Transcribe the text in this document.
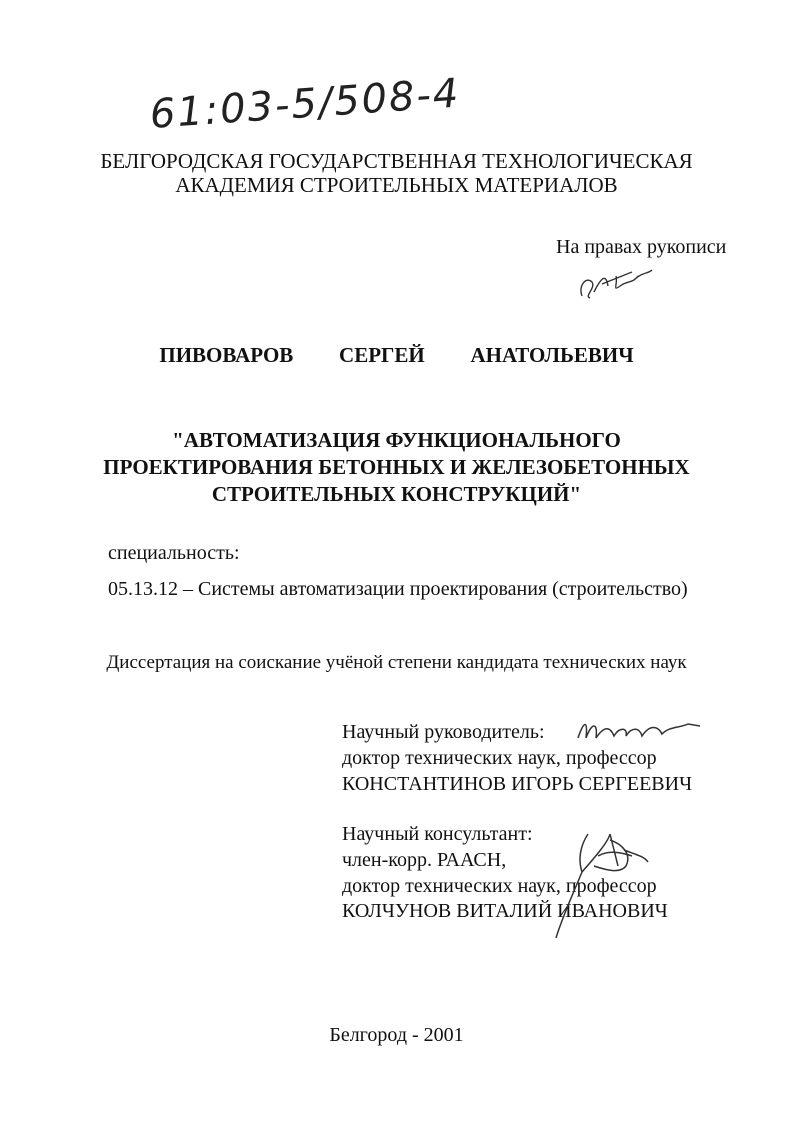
61:03-5/508-4
БЕЛГОРОДСКАЯ ГОСУДАРСТВЕННАЯ ТЕХНОЛОГИЧЕСКАЯ
АКАДЕМИЯ СТРОИТЕЛЬНЫХ МАТЕРИАЛОВ
На правах рукописи
ПИВОВАРОВ   СЕРГЕЙ   АНАТОЛЬЕВИЧ
"АВТОМАТИЗАЦИЯ ФУНКЦИОНАЛЬНОГО
ПРОЕКТИРОВАНИЯ БЕТОННЫХ И ЖЕЛЕЗОБЕТОННЫХ
СТРОИТЕЛЬНЫХ КОНСТРУКЦИЙ"
специальность:
05.13.12 – Системы автоматизации проектирования (строительство)
Диссертация на соискание учёной степени кандидата технических наук
Научный руководитель:
доктор технических наук, профессор
КОНСТАНТИНОВ ИГОРЬ СЕРГЕЕВИЧ
Научный консультант:
член-корр. РААСН,
доктор технических наук, профессор
КОЛЧУНОВ ВИТАЛИЙ ИВАНОВИЧ
Белгород - 2001
